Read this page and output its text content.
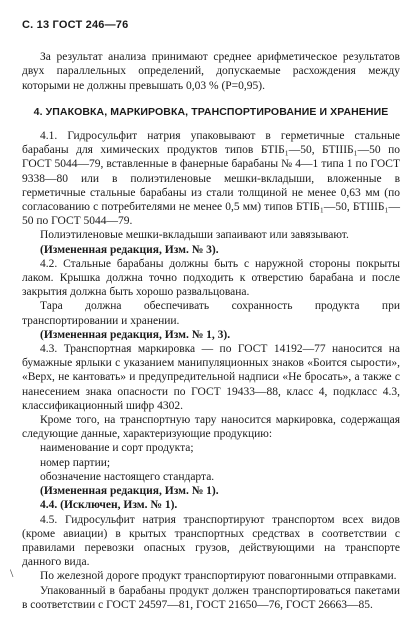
С. 13 ГОСТ 246—76

За результат анализа принимают среднее арифметическое результатов двух параллельных определений, допускаемые расхождения между которыми не должны превышать 0,03 % (P=0,95).

4. УПАКОВКА, МАРКИРОВКА, ТРАНСПОРТИРОВАНИЕ И ХРАНЕНИЕ

4.1. Гидросульфит натрия упаковывают в герметичные стальные барабаны для химических продуктов типов БТIБ₁—50, БТIIIБ₁—50 по ГОСТ 5044—79, вставленные в фанерные барабаны № 4—1 типа 1 по ГОСТ 9338—80 или в полиэтиленовые мешки-вкладыши, вложенные в герметичные стальные барабаны из стали толщиной не менее 0,63 мм (по согласованию с потребителями не менее 0,5 мм) типов БТIБ₁—50, БТIIIБ₁—50 по ГОСТ 5044—79.

Полиэтиленовые мешки-вкладыши запаивают или завязывают.

(Измененная редакция, Изм. № 3).

4.2. Стальные барабаны должны быть с наружной стороны покрыты лаком. Крышка должна точно подходить к отверстию барабана и после закрытия должна быть хорошо развальцована.

Тара должна обеспечивать сохранность продукта при транспортировании и хранении.

(Измененная редакция, Изм. № 1, 3).

4.3. Транспортная маркировка — по ГОСТ 14192—77 наносится на бумажные ярлыки с указанием манипуляционных знаков «Боится сырости», «Верх, не кантовать» и предупредительной надписи «Не бросать», а также с нанесением знака опасности по ГОСТ 19433—88, класс 4, подкласс 4.3, классификационный шифр 4302.

Кроме того, на транспортную тару наносится маркировка, содержащая следующие данные, характеризующие продукцию:

наименование и сорт продукта;

номер партии;

обозначение настоящего стандарта.

(Измененная редакция, Изм. № 1).

4.4. (Исключен, Изм. № 1).

4.5. Гидросульфит натрия транспортируют транспортом всех видов (кроме авиации) в крытых транспортных средствах в соответствии с правилами перевозки опасных грузов, действующими на транспорте данного вида.

По железной дороге продукт транспортируют повагонными отправками.

Упакованный в барабаны продукт должен транспортироваться пакетами в соответствии с ГОСТ 24597—81, ГОСТ 21650—76, ГОСТ 26663—85.

\
